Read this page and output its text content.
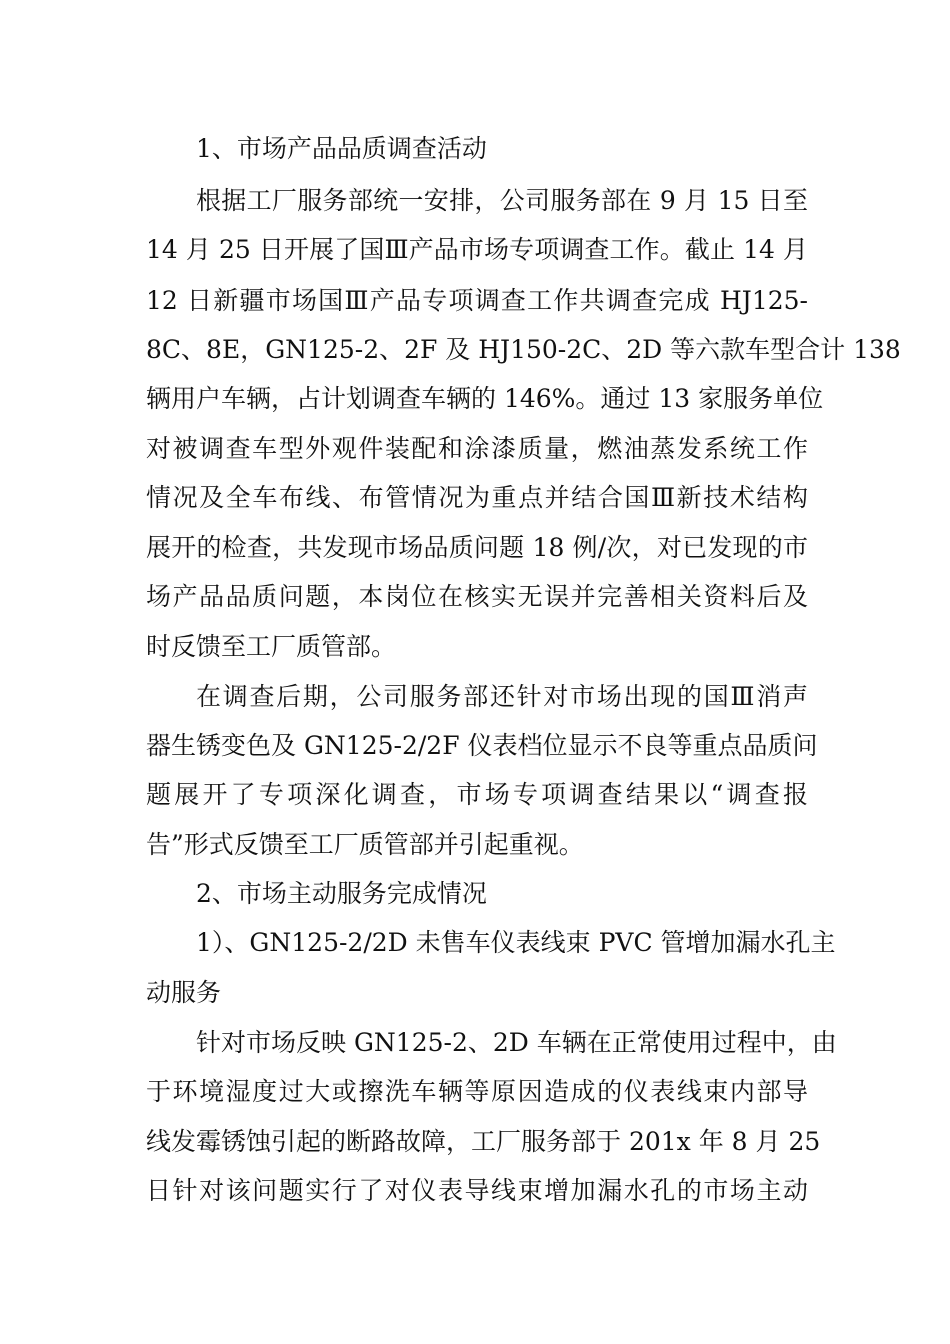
1、市场产品品质调查活动
根据工厂服务部统一安排，公司服务部在 9 月 15 日至
14 月 25 日开展了国Ⅲ产品市场专项调查工作。截止 14 月
12 日新疆市场国Ⅲ产品专项调查工作共调查完成 HJ125-
8C、8E，GN125-2、2F 及 HJ150-2C、2D 等六款车型合计 138
辆用户车辆，占计划调查车辆的 146%。通过 13 家服务单位
对被调查车型外观件装配和涂漆质量，燃油蒸发系统工作
情况及全车布线、布管情况为重点并结合国Ⅲ新技术结构
展开的检查，共发现市场品质问题 18 例/次，对已发现的市
场产品品质问题，本岗位在核实无误并完善相关资料后及
时反馈至工厂质管部。
在调查后期，公司服务部还针对市场出现的国Ⅲ消声
器生锈变色及 GN125-2/2F 仪表档位显示不良等重点品质问
题展开了专项深化调查，市场专项调查结果以“调查报
告”形式反馈至工厂质管部并引起重视。
2、市场主动服务完成情况
1）、GN125-2/2D 未售车仪表线束 PVC 管增加漏水孔主
动服务
针对市场反映 GN125-2、2D 车辆在正常使用过程中，由
于环境湿度过大或擦洗车辆等原因造成的仪表线束内部导
线发霉锈蚀引起的断路故障，工厂服务部于 201x 年 8 月 25
日针对该问题实行了对仪表导线束增加漏水孔的市场主动
